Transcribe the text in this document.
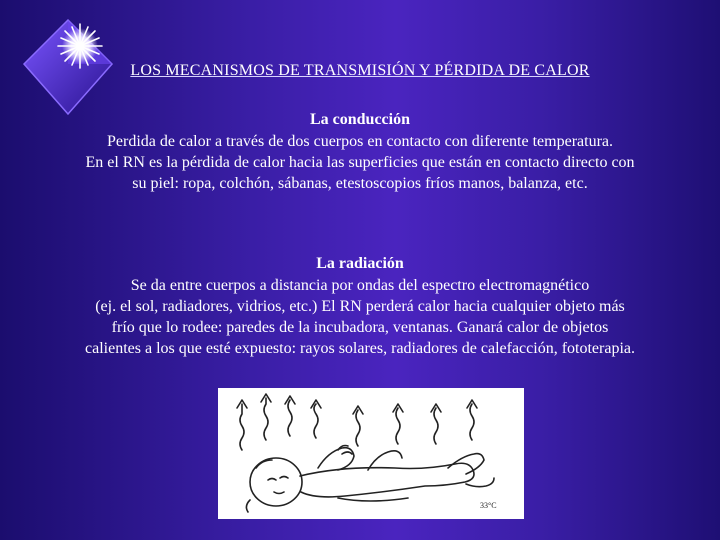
LOS MECANISMOS DE TRANSMISIÓN Y PÉRDIDA DE CALOR

La conducción

Perdida de calor a través de dos cuerpos en contacto con diferente temperatura.

En el RN es la pérdida de calor hacia las superficies que están en contacto directo con

su piel: ropa, colchón, sábanas, etestoscopios fríos manos, balanza, etc.

La radiación

Se da entre cuerpos a distancia por ondas del espectro electromagnético

(ej. el sol, radiadores, vidrios, etc.) El RN perderá calor hacia cualquier objeto más

frío que lo rodee: paredes de la incubadora, ventanas. Ganará calor de objetos

calientes a los que esté expuesto: rayos solares, radiadores de calefacción, fototerapia.

33°C
